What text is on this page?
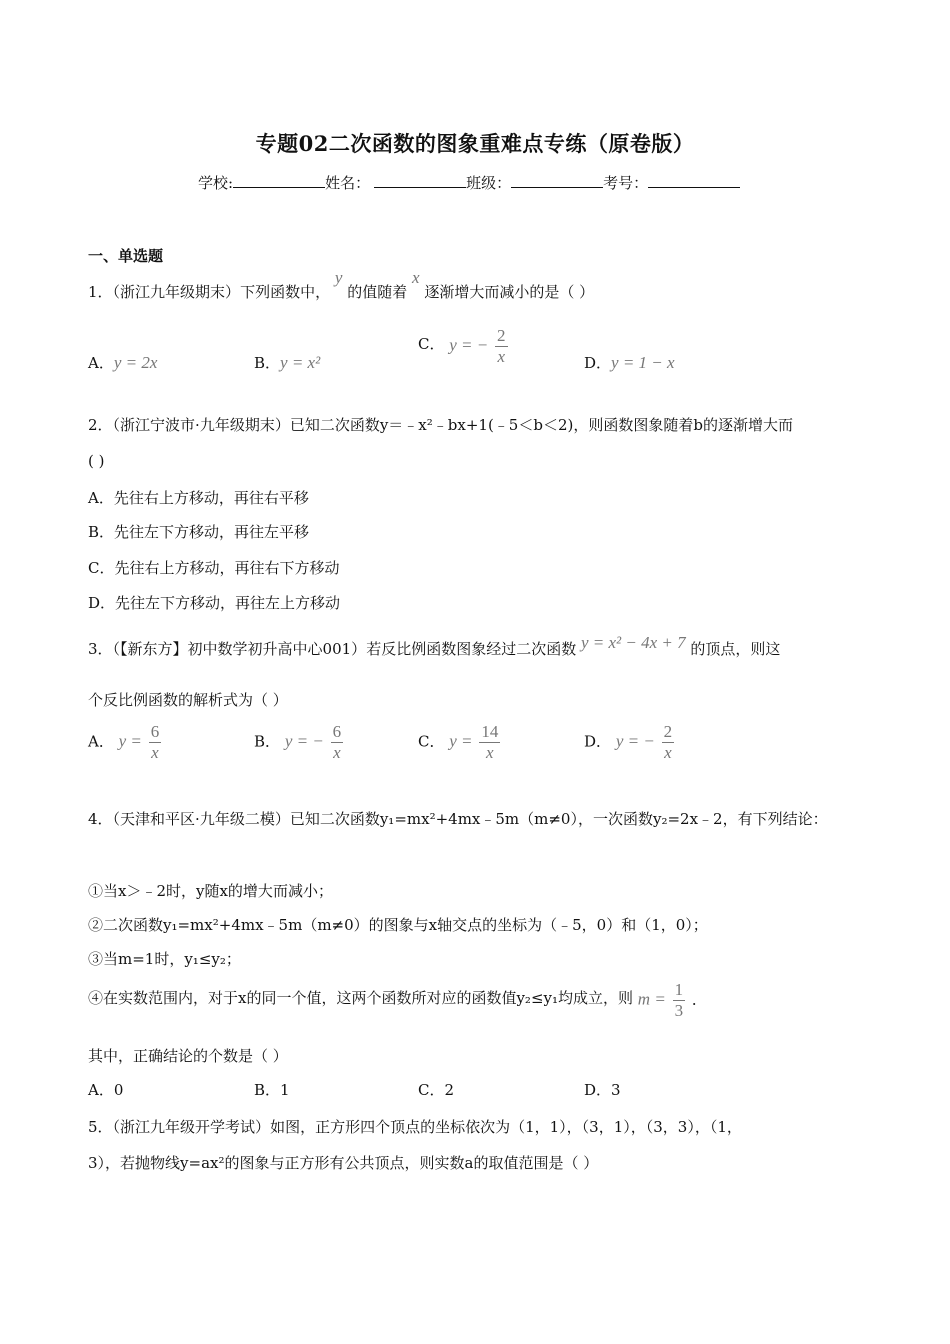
专题02二次函数的图象重难点专练（原卷版）
学校:	姓名：	班级：	考号：
一、单选题
1．（浙江九年级期末）下列函数中， y 的值随着 x 逐渐增大而减小的是（ ）
A．y = 2x	B．y = x²
C． y = − $\frac{2}{x}$	D．y = 1 − x
2．（浙江宁波市·九年级期末）已知二次函数y＝﹣x²﹣bx+1(﹣5＜b＜2)，则函数图象随着b的逐渐增大而
( )
A．先往右上方移动，再往右平移
B．先往左下方移动，再往左平移
C．先往右上方移动，再往右下方移动
D．先往左下方移动，再往左上方移动
3．（【新东方】初中数学初升高中心001）若反比例函数图象经过二次函数 y = x² − 4x + 7 的顶点，则这
个反比例函数的解析式为（ ）
A． $y = \frac{6}{x}$	B． y = − $\frac{6}{x}$	C． $y = \frac{14}{x}$	D． y = − $\frac{2}{x}$
4．（天津和平区·九年级二模）已知二次函数y₁=mx²+4mx﹣5m（m≠0），一次函数y₂=2x﹣2，有下列结论：
①当x＞﹣2时，y随x的增大而减小；
②二次函数y₁=mx²+4mx﹣5m（m≠0）的图象与x轴交点的坐标为（﹣5，0）和（1，0）；
③当m=1时，y₁≤y₂；
④在实数范围内，对于x的同一个值，这两个函数所对应的函数值y₂≤y₁均成立，则 $m = \frac{1}{3}$ ．
其中，正确结论的个数是（ ）
A．0	B．1	C．2	D．3
5．（浙江九年级开学考试）如图，正方形四个顶点的坐标依次为（1，1），（3，1），（3，3），（1，
3），若抛物线y=ax²的图象与正方形有公共顶点，则实数a的取值范围是（ ）
